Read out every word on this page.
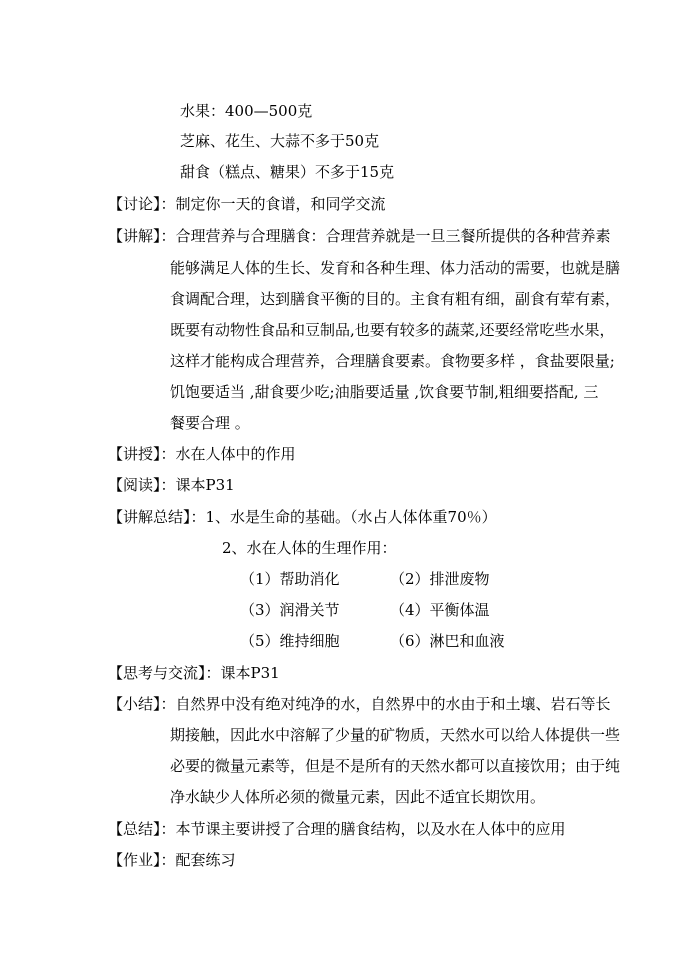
水果：400—500克
芝麻、花生、大蒜不多于50克
甜食（糕点、糖果）不多于15克
【讨论】：制定你一天的食谱，和同学交流
【讲解】：合理营养与合理膳食：合理营养就是一旦三餐所提供的各种营养素
能够满足人体的生长、发育和各种生理、体力活动的需要，也就是膳
食调配合理，达到膳食平衡的目的。主食有粗有细，副食有荤有素，
既要有动物性食品和豆制品,也要有较多的蔬菜,还要经常吃些水果，
这样才能构成合理营养，合理膳食要素。食物要多样 ，食盐要限量;
饥饱要适当 ,甜食要少吃;油脂要适量 ,饮食要节制,粗细要搭配, 三
餐要合理 。
【讲授】：水在人体中的作用
【阅读】：课本P31
【讲解总结】：1、水是生命的基础。（水占人体体重70％）
2、水在人体的生理作用：
（1）帮助消化	（2）排泄废物
（3）润滑关节	（4）平衡体温
（5）维持细胞	（6）淋巴和血液
【思考与交流】：课本P31
【小结】：自然界中没有绝对纯净的水，自然界中的水由于和土壤、岩石等长
期接触，因此水中溶解了少量的矿物质，天然水可以给人体提供一些
必要的微量元素等，但是不是所有的天然水都可以直接饮用；由于纯
净水缺少人体所必须的微量元素，因此不适宜长期饮用。
【总结】：本节课主要讲授了合理的膳食结构，以及水在人体中的应用
【作业】：配套练习
